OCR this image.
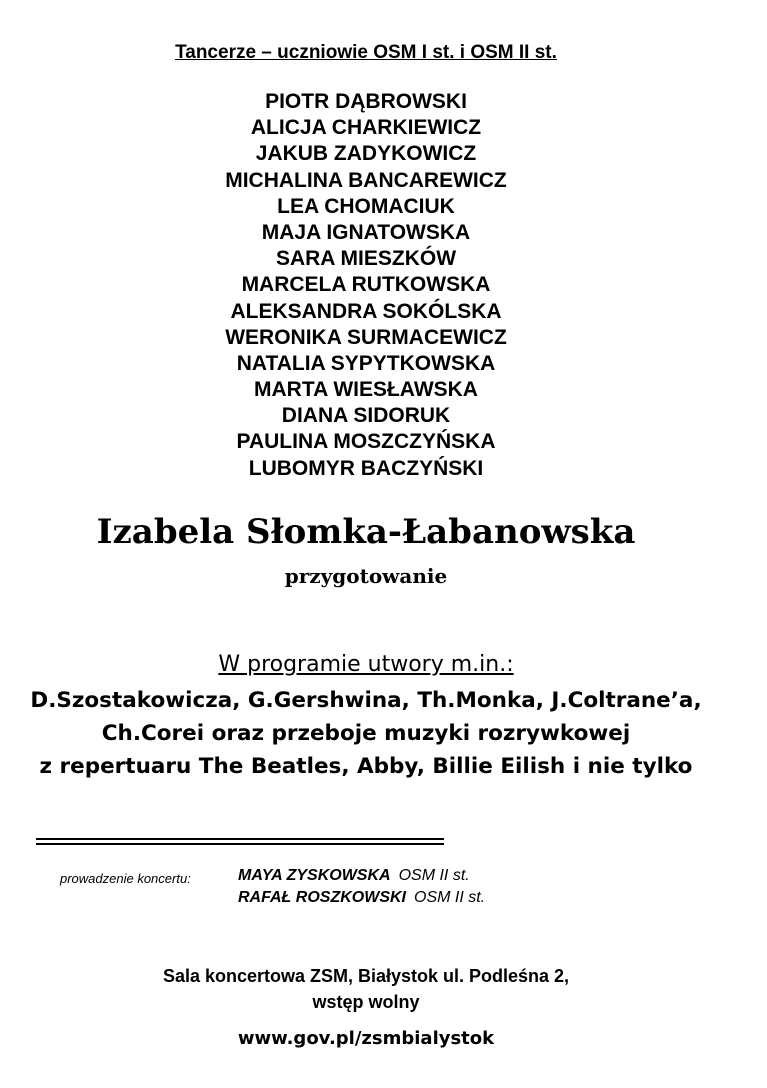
Tancerze – uczniowie OSM I st. i OSM II st.
PIOTR DĄBROWSKI
ALICJA CHARKIEWICZ
JAKUB ZADYKOWICZ
MICHALINA BANCAREWICZ
LEA CHOMACIUK
MAJA IGNATOWSKA
SARA MIESZKÓW
MARCELA RUTKOWSKA
ALEKSANDRA SOKÓLSKA
WERONIKA SURMACEWICZ
NATALIA SYPYTKOWSKA
MARTA WIESŁAWSKA
DIANA SIDORUK
PAULINA MOSZCZYŃSKA
LUBOMYR BACZYŃSKI
Izabela Słomka-Łabanowska
przygotowanie
W programie utwory m.in.:
D.Szostakowicza, G.Gershwina, Th.Monka, J.Coltrane’a,
Ch.Corei oraz przeboje muzyki rozrywkowej
z repertuaru The Beatles, Abby, Billie Eilish i nie tylko
prowadzenie koncertu:	MAYA ZYSKOWSKA OSM II st.
RAFAŁ ROSZKOWSKI OSM II st.
Sala koncertowa ZSM, Białystok ul. Podleśna 2,
wstęp wolny
www.gov.pl/zsmbialystok
